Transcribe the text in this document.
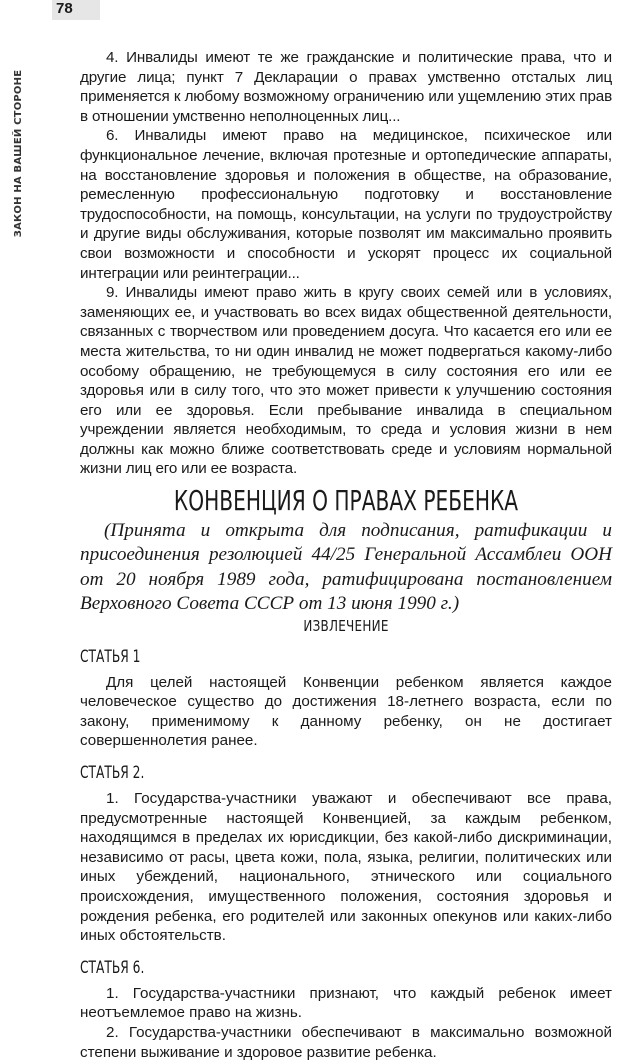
78
ЗАКОН НА ВАШЕЙ СТОРОНЕ

4. Инвалиды имеют те же гражданские и политические права, что и другие лица; пункт 7 Декларации о правах умственно отсталых лиц применяется к любому возможному ограничению или ущемлению этих прав в отношении умственно неполноценных лиц...

6. Инвалиды имеют право на медицинское, психическое или функциональное лечение, включая протезные и ортопедические аппараты, на восстановление здоровья и положения в обществе, на образование, ремесленную профессиональную подготовку и восстановление трудоспособности, на помощь, консультации, на услуги по трудоустройству и другие виды обслуживания, которые позволят им максимально проявить свои возможности и способности и ускорят процесс их социальной интеграции или реинтеграции...

9. Инвалиды имеют право жить в кругу своих семей или в условиях, заменяющих ее, и участвовать во всех видах общественной деятельности, связанных с творчеством или проведением досуга. Что касается его или ее места жительства, то ни один инвалид не может подвергаться какому-либо особому обращению, не требующемуся в силу состояния его или ее здоровья или в силу того, что это может привести к улучшению состояния его или ее здоровья. Если пребывание инвалида в специальном учреждении является необходимым, то среда и условия жизни в нем должны как можно ближе соответствовать среде и условиям нормальной жизни лиц его или ее возраста.

КОНВЕНЦИЯ О ПРАВАХ РЕБЕНКА

(Принята и открыта для подписания, ратификации и присоединения резолюцией 44/25 Генеральной Ассамблеи ООН от 20 ноября 1989 года, ратифицирована постановлением Верховного Совета СССР от 13 июня 1990 г.)

ИЗВЛЕЧЕНИЕ
СТАТЬЯ 1

Для целей настоящей Конвенции ребенком является каждое человеческое существо до достижения 18-летнего возраста, если по закону, применимому к данному ребенку, он не достигает совершеннолетия ранее.

СТАТЬЯ 2.

1. Государства-участники уважают и обеспечивают все права, предусмотренные настоящей Конвенцией, за каждым ребенком, находящимся в пределах их юрисдикции, без какой-либо дискриминации, независимо от расы, цвета кожи, пола, языка, религии, политических или иных убеждений, национального, этнического или социального происхождения, имущественного положения, состояния здоровья и рождения ребенка, его родителей или законных опекунов или каких-либо иных обстоятельств.

СТАТЬЯ 6.

1. Государства-участники признают, что каждый ребенок имеет неотъемлемое право на жизнь.

2. Государства-участники обеспечивают в максимально возможной степени выживание и здоровое развитие ребенка.
